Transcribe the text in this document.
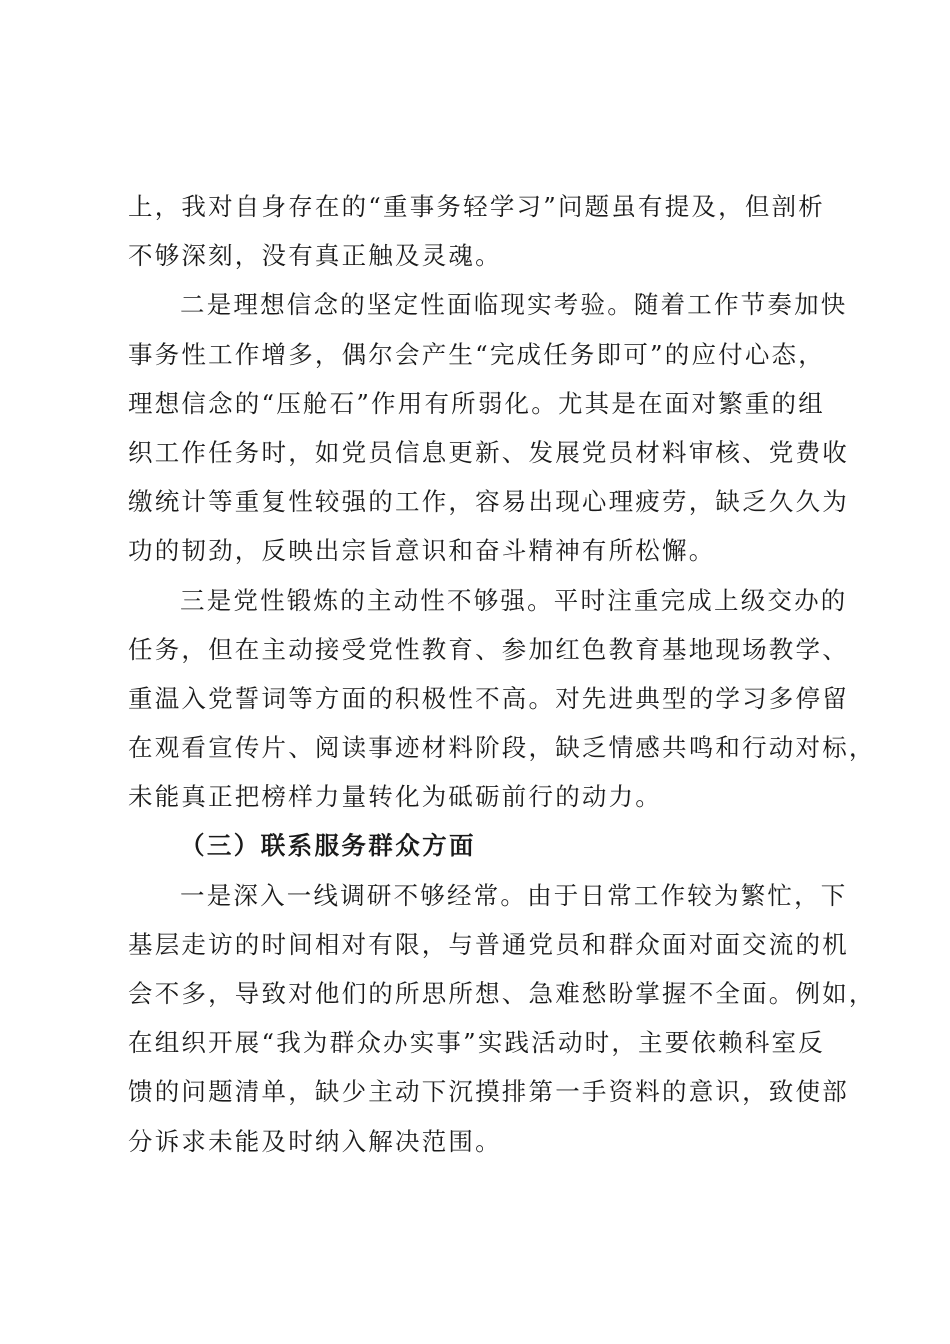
上，我对自身存在的“重事务轻学习”问题虽有提及，但剖析
不够深刻，没有真正触及灵魂。
二是理想信念的坚定性面临现实考验。随着工作节奏加快
事务性工作增多，偶尔会产生“完成任务即可”的应付心态，
理想信念的“压舱石”作用有所弱化。尤其是在面对繁重的组
织工作任务时，如党员信息更新、发展党员材料审核、党费收
缴统计等重复性较强的工作，容易出现心理疲劳，缺乏久久为
功的韧劲，反映出宗旨意识和奋斗精神有所松懈。
三是党性锻炼的主动性不够强。平时注重完成上级交办的
任务，但在主动接受党性教育、参加红色教育基地现场教学、
重温入党誓词等方面的积极性不高。对先进典型的学习多停留
在观看宣传片、阅读事迹材料阶段，缺乏情感共鸣和行动对标，
未能真正把榜样力量转化为砥砺前行的动力。
（三）联系服务群众方面
一是深入一线调研不够经常。由于日常工作较为繁忙，下
基层走访的时间相对有限，与普通党员和群众面对面交流的机
会不多，导致对他们的所思所想、急难愁盼掌握不全面。例如，
在组织开展“我为群众办实事”实践活动时，主要依赖科室反
馈的问题清单，缺少主动下沉摸排第一手资料的意识，致使部
分诉求未能及时纳入解决范围。
